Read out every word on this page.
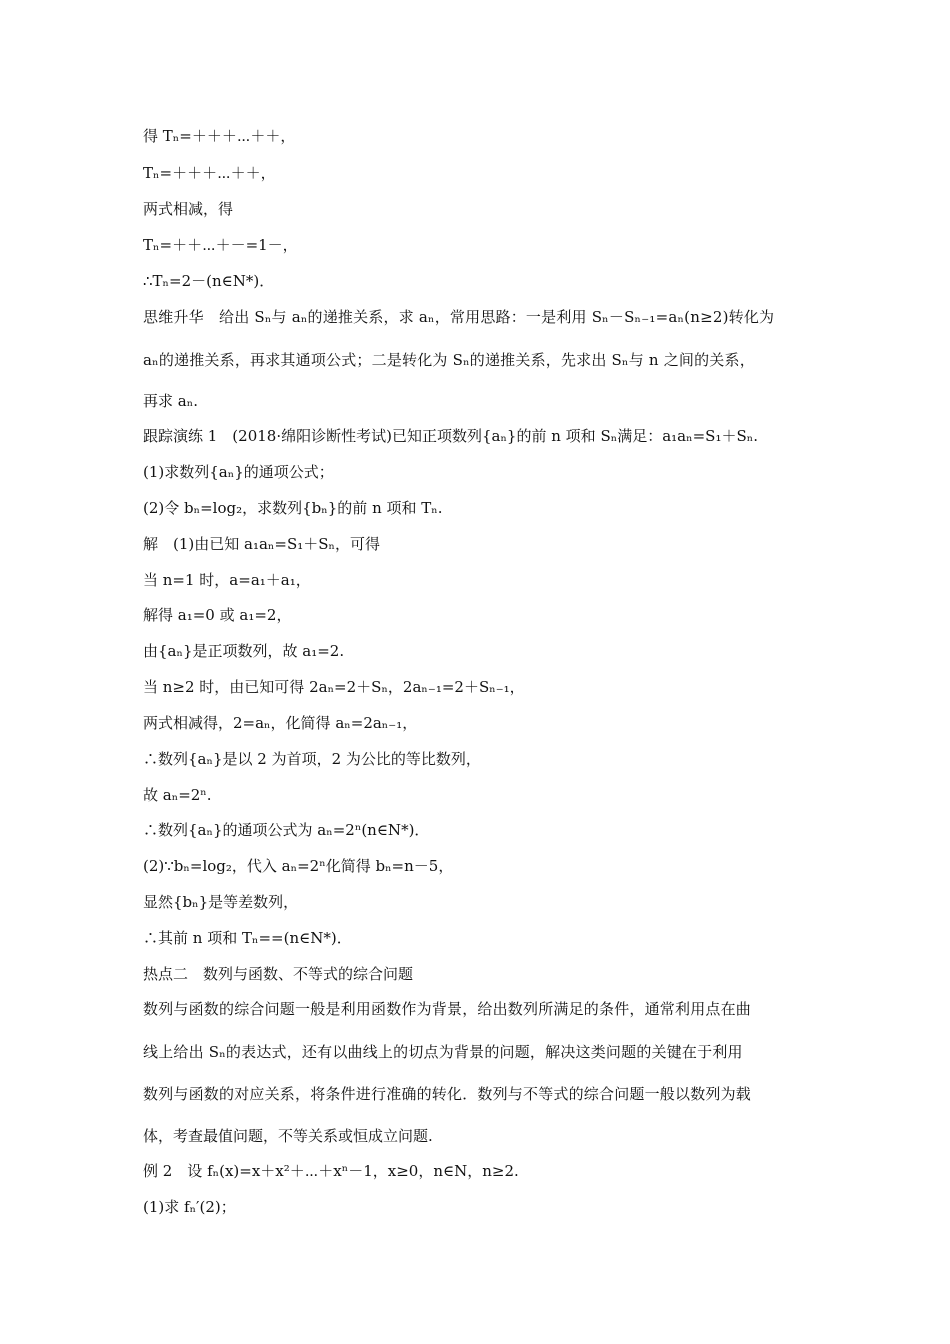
得 Tₙ=＋＋＋⋯＋＋，
Tₙ=＋＋＋⋯＋＋，
两式相减，得
Tₙ=＋＋⋯＋－=1－，
∴Tₙ=2－(n∈N*)．
思维升华　给出 Sₙ与 aₙ的递推关系，求 aₙ，常用思路：一是利用 Sₙ－Sₙ₋₁=aₙ(n≥2)转化为
aₙ的递推关系，再求其通项公式；二是转化为 Sₙ的递推关系，先求出 Sₙ与 n 之间的关系，
再求 aₙ.
跟踪演练 1　(2018·绵阳诊断性考试)已知正项数列{aₙ}的前 n 项和 Sₙ满足：a₁aₙ=S₁＋Sₙ.
(1)求数列{aₙ}的通项公式；
(2)令 bₙ=log₂，求数列{bₙ}的前 n 项和 Tₙ.
解　(1)由已知 a₁aₙ=S₁＋Sₙ，可得
当 n=1 时，a=a₁＋a₁，
解得 a₁=0 或 a₁=2，
由{aₙ}是正项数列，故 a₁=2.
当 n≥2 时，由已知可得 2aₙ=2＋Sₙ，2aₙ₋₁=2＋Sₙ₋₁，
两式相减得，2=aₙ，化简得 aₙ=2aₙ₋₁，
∴数列{aₙ}是以 2 为首项，2 为公比的等比数列，
故 aₙ=2ⁿ.
∴数列{aₙ}的通项公式为 aₙ=2ⁿ(n∈N*)．
(2)∵bₙ=log₂，代入 aₙ=2ⁿ化简得 bₙ=n－5，
显然{bₙ}是等差数列，
∴其前 n 项和 Tₙ==(n∈N*)．
热点二　数列与函数、不等式的综合问题
数列与函数的综合问题一般是利用函数作为背景，给出数列所满足的条件，通常利用点在曲
线上给出 Sₙ的表达式，还有以曲线上的切点为背景的问题，解决这类问题的关键在于利用
数列与函数的对应关系，将条件进行准确的转化．数列与不等式的综合问题一般以数列为载
体，考查最值问题，不等关系或恒成立问题.
例 2　设 fₙ(x)=x＋x²＋⋯＋xⁿ－1，x≥0，n∈N，n≥2.
(1)求 fₙ′(2)；
